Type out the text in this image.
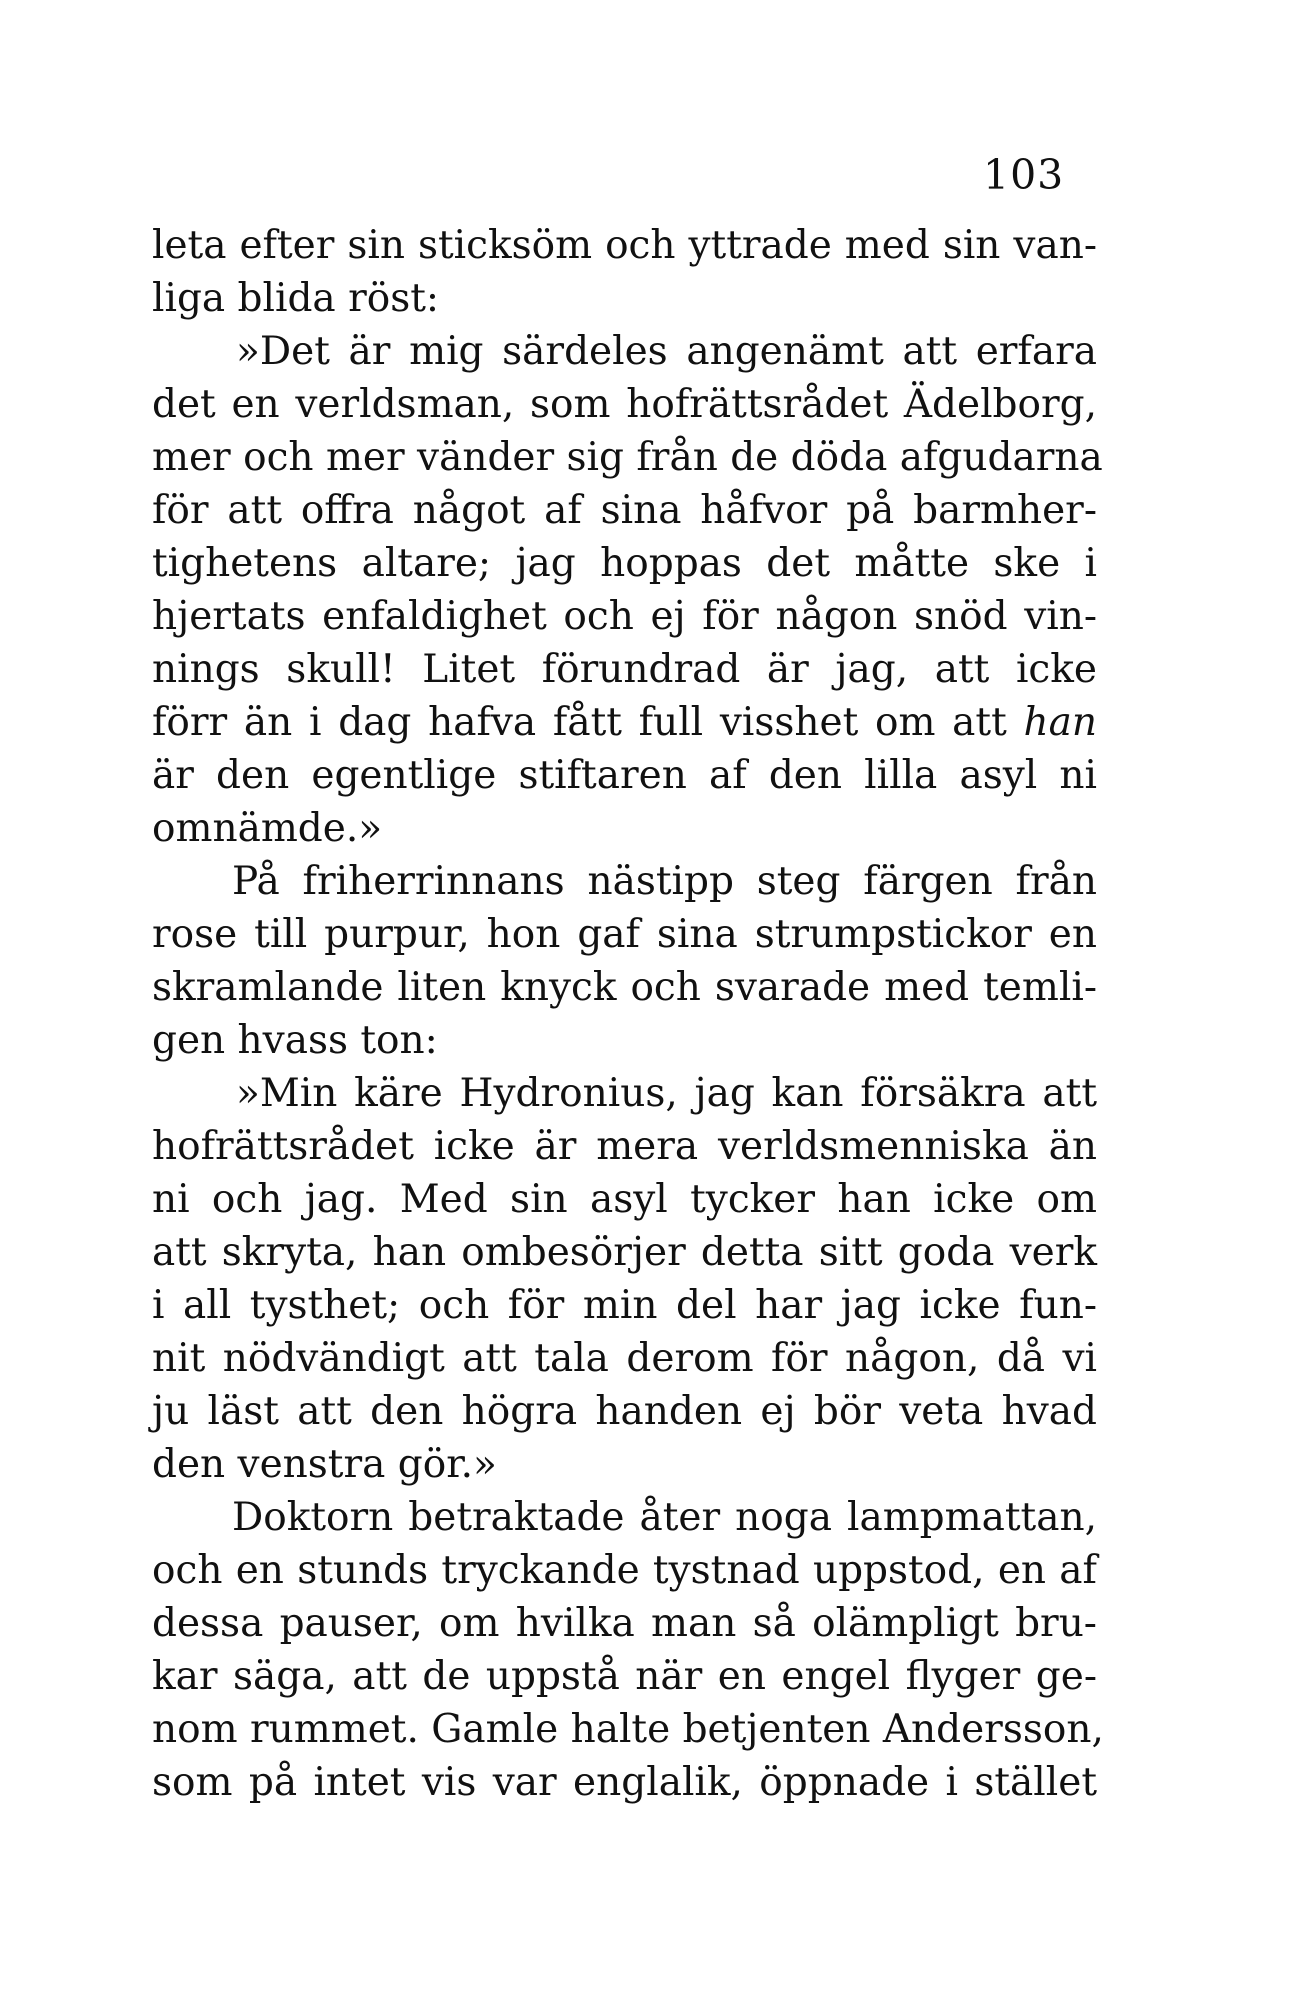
103
leta efter sin sticksöm och yttrade med sin van-
liga blida röst:
»Det är mig särdeles angenämt att erfara
det en verldsman, som hofrättsrådet Ädelborg,
mer och mer vänder sig från de döda afgudarna
för att offra något af sina håfvor på barmher-
tighetens altare; jag hoppas det måtte ske i
hjertats enfaldighet och ej för någon snöd vin-
nings skull! Litet förundrad är jag, att icke
förr än i dag hafva fått full visshet om att han
är den egentlige stiftaren af den lilla asyl ni
omnämde.»
På friherrinnans nästipp steg färgen från
rose till purpur, hon gaf sina strumpstickor en
skramlande liten knyck och svarade med temli-
gen hvass ton:
»Min käre Hydronius, jag kan försäkra att
hofrättsrådet icke är mera verldsmenniska än
ni och jag. Med sin asyl tycker han icke om
att skryta, han ombesörjer detta sitt goda verk
i all tysthet; och för min del har jag icke fun-
nit nödvändigt att tala derom för någon, då vi
ju läst att den högra handen ej bör veta hvad
den venstra gör.»
Doktorn betraktade åter noga lampmattan,
och en stunds tryckande tystnad uppstod, en af
dessa pauser, om hvilka man så olämpligt bru-
kar säga, att de uppstå när en engel flyger ge-
nom rummet. Gamle halte betjenten Andersson,
som på intet vis var englalik, öppnade i stället
